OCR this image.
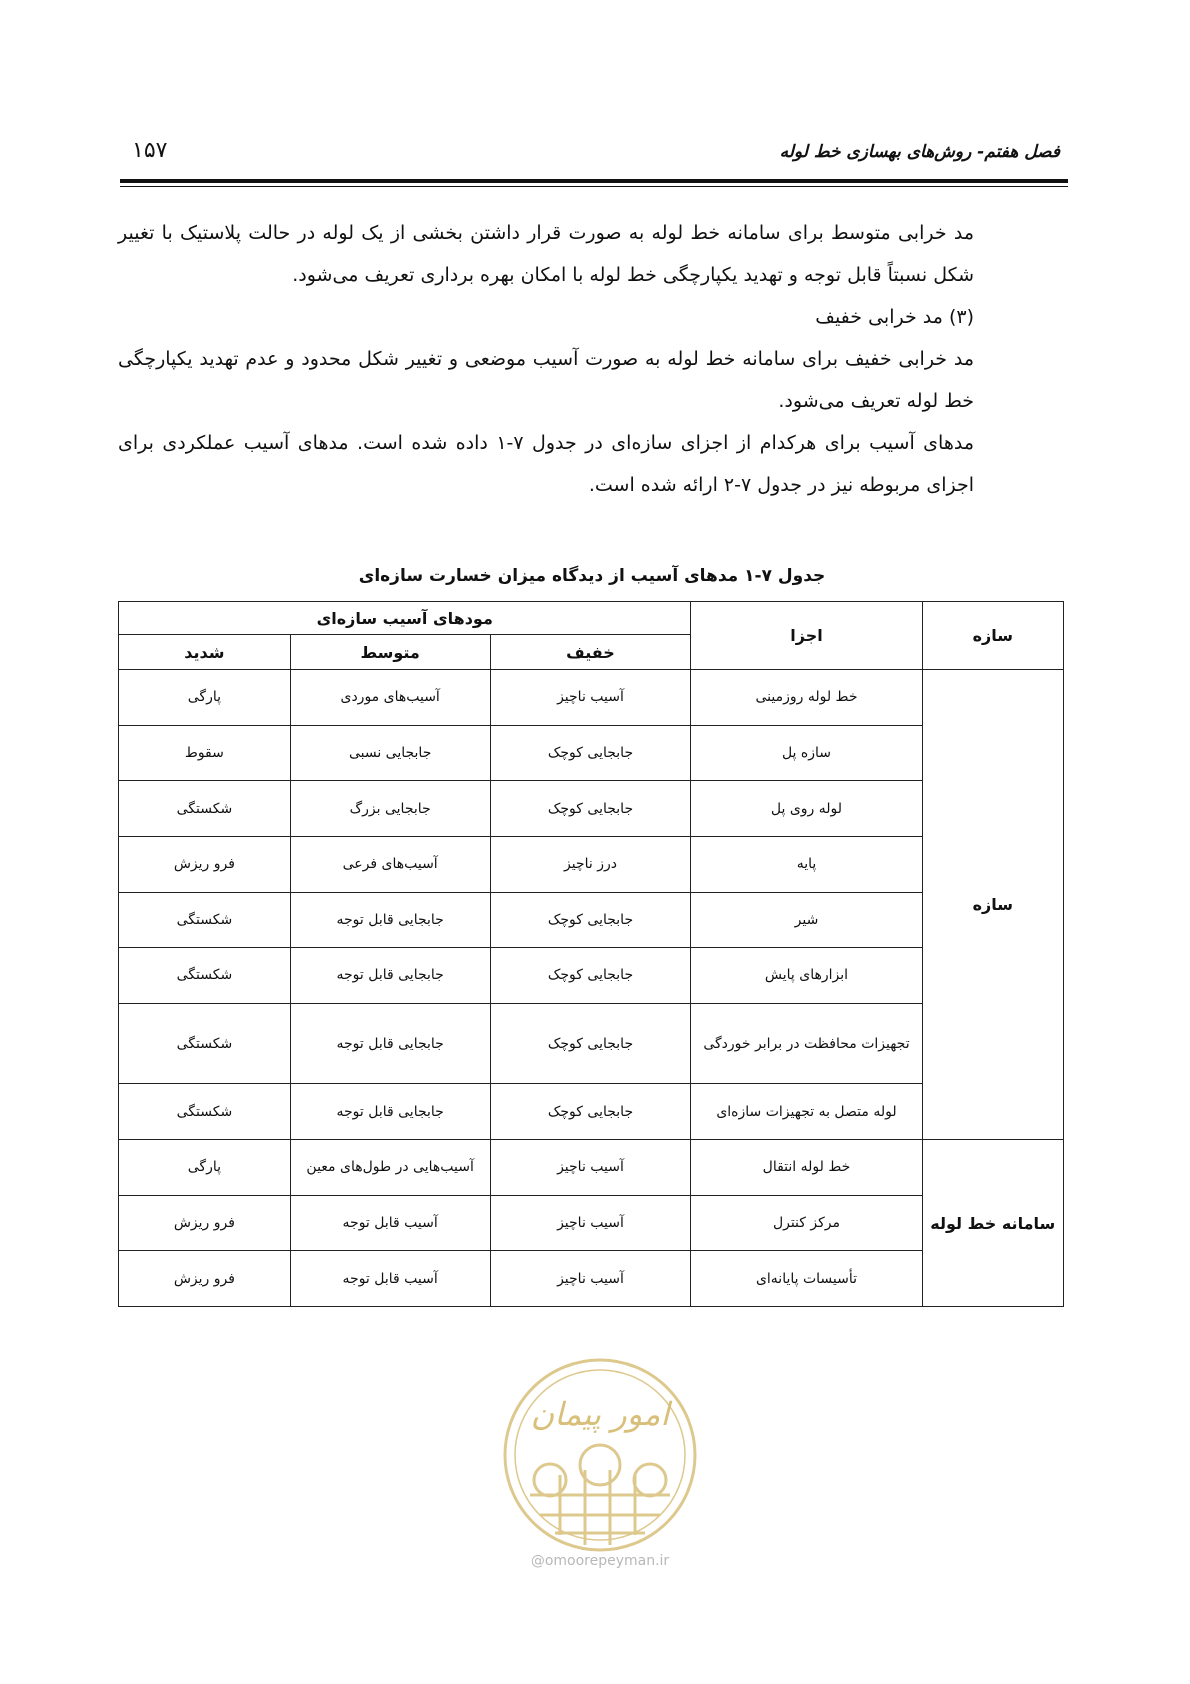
فصل هفتم- روش‌های بهسازی خط لوله
۱۵۷

مد خرابی متوسط برای سامانه خط لوله به صورت قرار داشتن بخشی از یک لوله در حالت پلاستیک با تغییر شکل نسبتاً قابل توجه و تهدید یکپارچگی خط لوله با امکان بهره برداری تعریف می‌شود.

(۳) مد خرابی خفیف

مد خرابی خفیف برای سامانه خط لوله به صورت آسیب موضعی و تغییر شکل محدود و عدم تهدید یکپارچگی خط لوله تعریف می‌شود.

مدهای آسیب برای هرکدام از اجزای سازه‌ای در جدول ۷-۱ داده شده است. مدهای آسیب عملکردی برای اجزای مربوطه نیز در جدول ۷-۲ ارائه شده است.

جدول ۷-۱ مدهای آسیب از دیدگاه میزان خسارت سازه‌ای
سازه	اجزا	مودهای آسیب سازه‌ای		
		خفیف	متوسط	شدید
سازه	خط لوله روزمینی	آسیب ناچیز	آسیب‌های موردی	پارگی
	سازه پل	جابجایی کوچک	جابجایی نسبی	سقوط
	لوله روی پل	جابجایی کوچک	جابجایی بزرگ	شکستگی
	پایه	درز ناچیز	آسیب‌های فرعی	فرو ریزش
	شیر	جابجایی کوچک	جابجایی قابل توجه	شکستگی
	ابزارهای پایش	جابجایی کوچک	جابجایی قابل توجه	شکستگی
	تجهیزات محافظت در برابر خوردگی	جابجایی کوچک	جابجایی قابل توجه	شکستگی
	لوله متصل به تجهیزات سازه‌ای	جابجایی کوچک	جابجایی قابل توجه	شکستگی
سامانه خط لوله	خط لوله انتقال	آسیب ناچیز	آسیب‌هایی در طول‌های معین	پارگی
	مرکز کنترل	آسیب ناچیز	آسیب قابل توجه	فرو ریزش
	تأسیسات پایانه‌ای	آسیب ناچیز	آسیب قابل توجه	فرو ریزش
امور پیمان
@omoorepeyman.ir
